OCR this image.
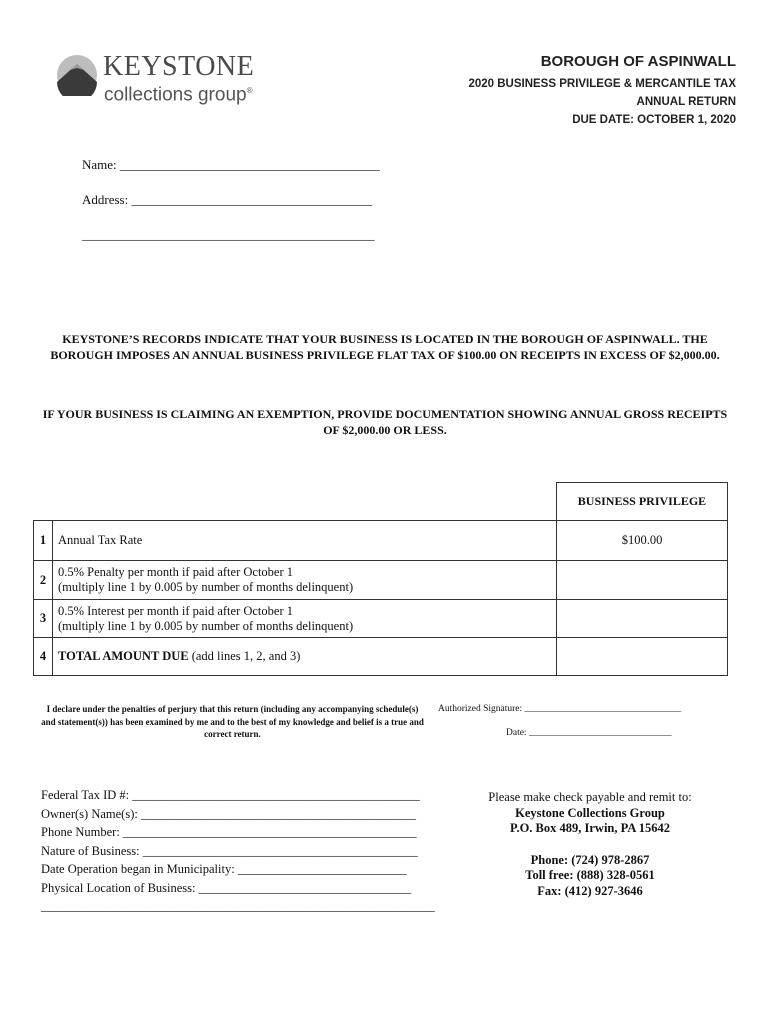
KEYSTONE
collections group®
BOROUGH OF ASPINWALL
2020 BUSINESS PRIVILEGE & MERCANTILE TAX
ANNUAL RETURN
DUE DATE: OCTOBER 1, 2020
Name: ________________________________________
Address: _____________________________________
_____________________________________________
KEYSTONE’S RECORDS INDICATE THAT YOUR BUSINESS IS LOCATED IN THE BOROUGH OF ASPINWALL. THE BOROUGH IMPOSES AN ANNUAL BUSINESS PRIVILEGE FLAT TAX OF $100.00 ON RECEIPTS IN EXCESS OF $2,000.00.
IF YOUR BUSINESS IS CLAIMING AN EXEMPTION, PROVIDE DOCUMENTATION SHOWING ANNUAL GROSS RECEIPTS OF $2,000.00 OR LESS.
		BUSINESS PRIVILEGE
1	Annual Tax Rate	$100.00
2	0.5% Penalty per month if paid after October 1
(multiply line 1 by 0.005 by number of months delinquent)	

3	0.5% Interest per month if paid after October 1
(multiply line 1 by 0.005 by number of months delinquent)	

4	TOTAL AMOUNT DUE (add lines 1, 2, and 3)	
I declare under the penalties of perjury that this return (including any accompanying schedule(s) and statement(s)) has been examined by me and to the best of my knowledge and belief is a true and correct return.
Authorized Signature: _________________________________
Date: ______________________________
Federal Tax ID #: ______________________________________________
Owner(s) Name(s): ____________________________________________
Phone Number: _______________________________________________
Nature of Business: ____________________________________________
Date Operation began in Municipality: ___________________________
Physical Location of Business: __________________________________
_______________________________________________________________
Please make check payable and remit to:
Keystone Collections Group
P.O. Box 489, Irwin, PA 15642
Phone: (724) 978-2867
Toll free: (888) 328-0561
Fax: (412) 927-3646
